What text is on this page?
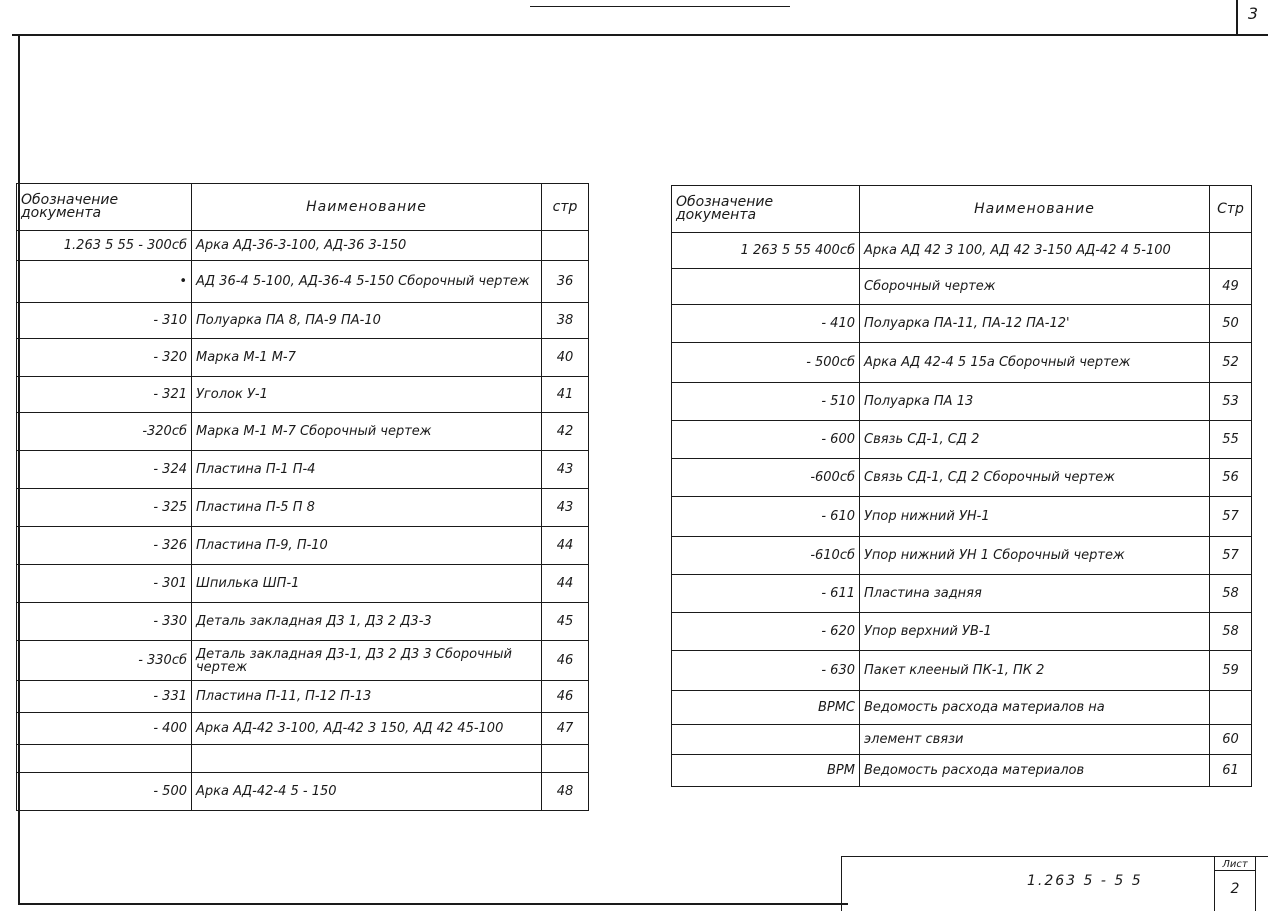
3
Обозначение документа	Наименование	стр
1.263 5 55 - 300сб	Арка АД-36-3-100, АД-36 3-150	
•	АД 36-4 5-100, АД-36-4 5-150 Сборочный чертеж	36
- 310	Полуарка ПА 8, ПА-9 ПА-10	38
- 320	Марка М-1 М-7	40
- 321	Уголок У-1	41
-320сб	Марка М-1 М-7 Сборочный чертеж	42
- 324	Пластина П-1 П-4	43
- 325	Пластина П-5 П 8	43
- 326	Пластина П-9, П-10	44
- 301	Шпилька ШП-1	44
- 330	Деталь закладная Д3 1, Д3 2 Д3-3	45
- 330сб	Деталь закладная Д3-1, Д3 2 Д3 3 Сборочный чертеж	46
- 331	Пластина П-11, П-12 П-13	46
- 400	Арка АД-42 3-100, АД-42 3 150, АД 42 45-100	47

- 500	Арка АД-42-4 5 - 150	48
Обозначение документа	Наименование	Стр
1 263 5 55 400сб	Арка АД 42 3 100, АД 42 3-150 АД-42 4 5-100	
	Сборочный чертеж	49
- 410	Полуарка ПА-11, ПА-12 ПА-12'	50
- 500сб	Арка АД 42-4 5 15а Сборочный чертеж	52
- 510	Полуарка ПА 13	53
- 600	Связь СД-1, СД 2	55
-600сб	Связь СД-1, СД 2 Сборочный чертеж	56
- 610	Упор нижний УН-1	57
-610сб	Упор нижний УН 1 Сборочный чертеж	57
- 611	Пластина задняя	58
- 620	Упор верхний УВ-1	58
- 630	Пакет клееный ПК-1, ПК 2	59
ВРМС	Ведомость расхода материалов на	
	элемент связи	60
ВРМ	Ведомость расхода материалов	61
1.263 5 - 5 5
Лист
2
